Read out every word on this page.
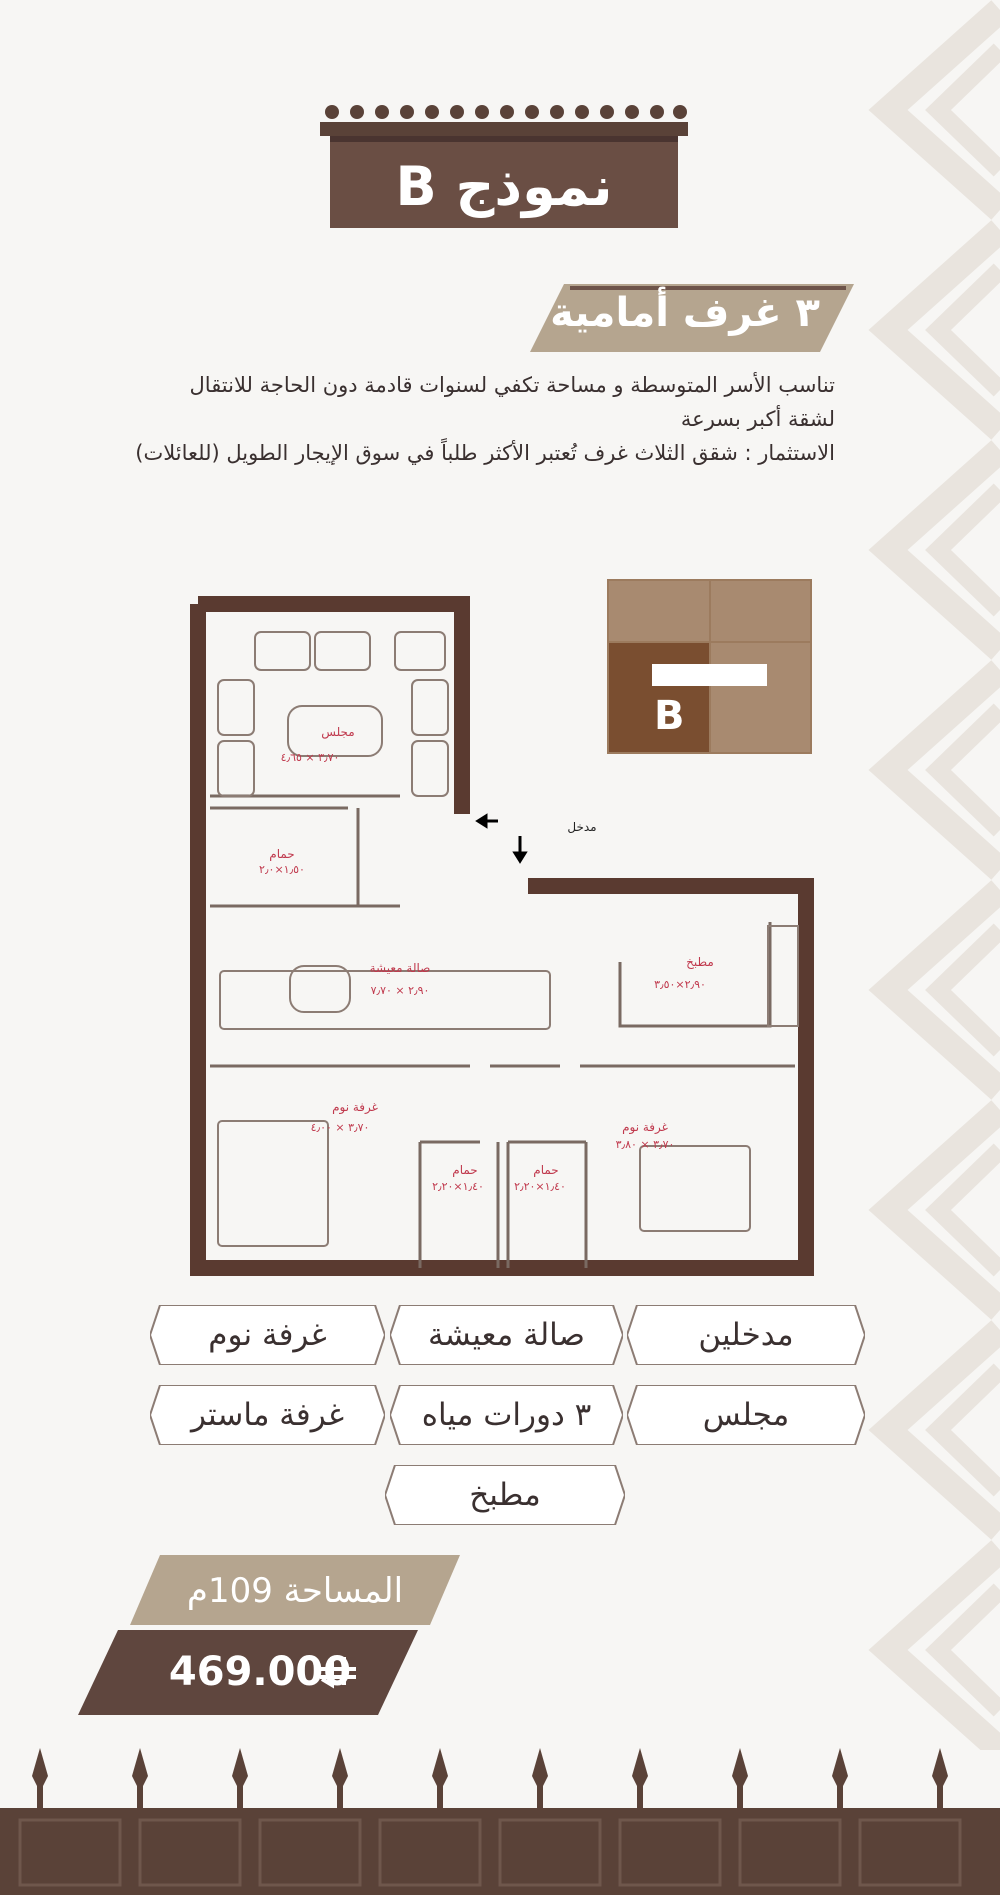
نموذج B
٣ غرف أمامية
تناسب الأسر المتوسطة و مساحة تكفي لسنوات قادمة دون الحاجة للانتقال
لشقة أكبر بسرعة
الاستثمار : شقق الثلاث غرف تُعتبر الأكثر طلباً في سوق الإيجار الطويل (للعائلات)
B
مجلس
٣٫٧٠ × ٤٫٦٥
حمام
١٫٥٠×٢٫٠
مدخل
صالة معيشة
٢٫٩٠ × ٧٫٧٠
مطبخ
٢٫٩٠×٣٫٥٠
غرفة نوم
٣٫٧٠ × ٤٫٠٠	غرفة نوم
٣٫٧٠ × ٣٫٨٠
حمام
١٫٤٠×٢٫٢٠
حمام
١٫٤٠×٢٫٢٠
مدخلين
صالة معيشة
غرفة نوم
مجلس
٣ دورات مياه
غرفة ماستر
مطبخ
المساحة 109م
469.000
